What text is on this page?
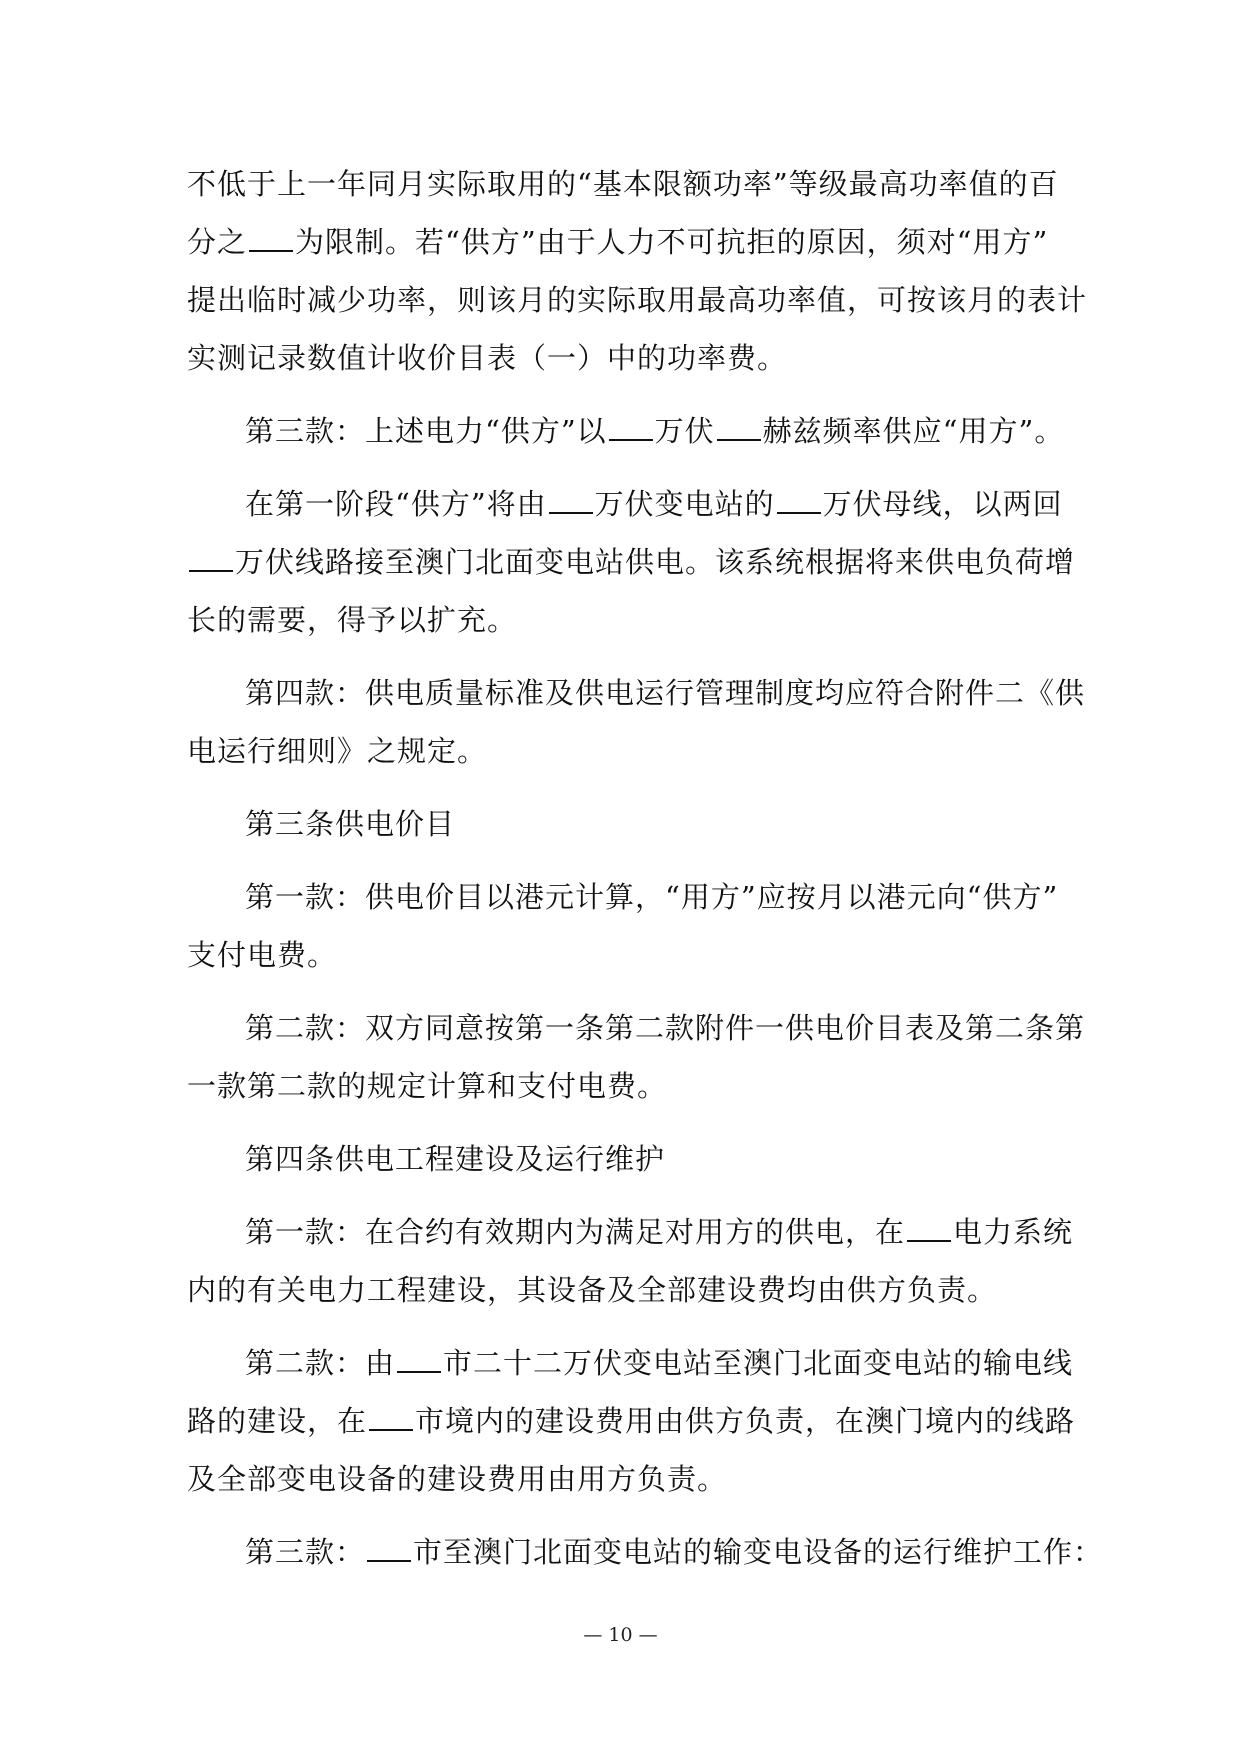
不低于上一年同月实际取用的“基本限额功率”等级最高功率值的百
分之 为限制。若“供方”由于人力不可抗拒的原因，须对“用方”
提出临时减少功率，则该月的实际取用最高功率值，可按该月的表计
实测记录数值计收价目表（一）中的功率费。
第三款：上述电力“供方”以 万伏 赫兹频率供应“用方”。
在第一阶段“供方”将由 万伏变电站的 万伏母线，以两回
万伏线路接至澳门北面变电站供电。该系统根据将来供电负荷增
长的需要，得予以扩充。
第四款：供电质量标准及供电运行管理制度均应符合附件二《供
电运行细则》之规定。
第三条供电价目
第一款：供电价目以港元计算，“用方”应按月以港元向“供方”
支付电费。
第二款：双方同意按第一条第二款附件一供电价目表及第二条第
一款第二款的规定计算和支付电费。
第四条供电工程建设及运行维护
第一款：在合约有效期内为满足对用方的供电，在 电力系统
内的有关电力工程建设，其设备及全部建设费均由供方负责。
第二款：由 市二十二万伏变电站至澳门北面变电站的输电线
路的建设，在 市境内的建设费用由供方负责，在澳门境内的线路
及全部变电设备的建设费用由用方负责。
第三款： 市至澳门北面变电站的输变电设备的运行维护工作：
— 10 —
